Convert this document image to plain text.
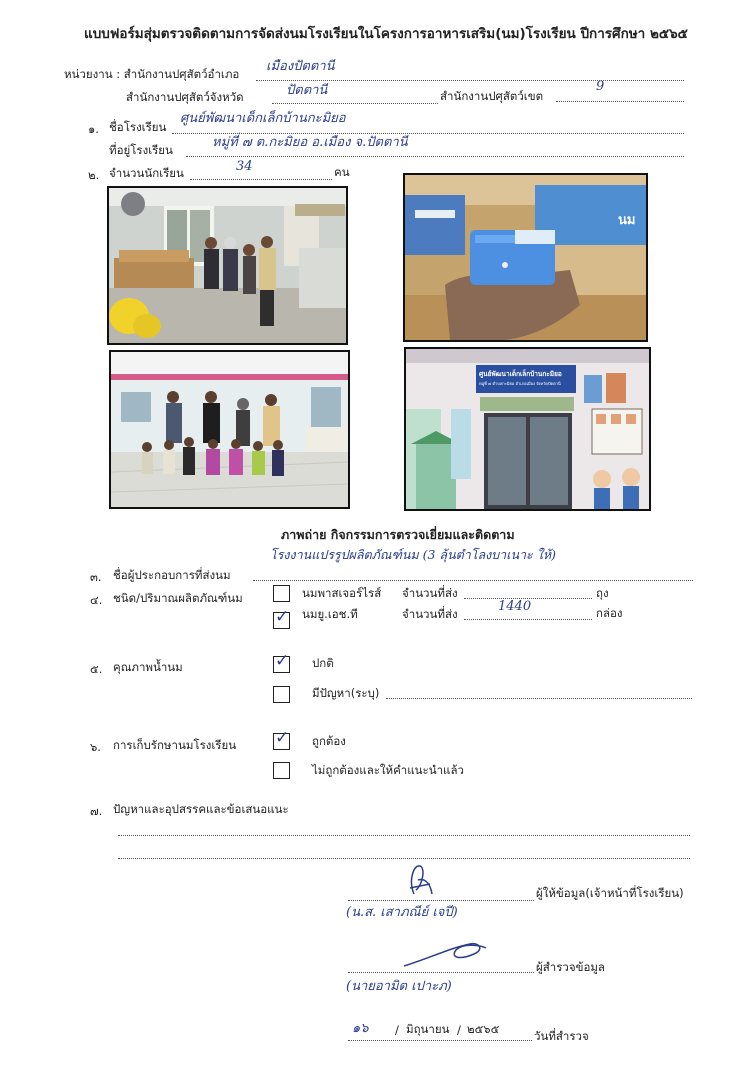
แบบฟอร์มสุ่มตรวจติดตามการจัดส่งนมโรงเรียนในโครงการอาหารเสริม(นม)โรงเรียน ปีการศึกษา ๒๕๖๕
หน่วยงาน : สำนักงานปศุสัตว์อำเภอ เมืองปัตตานี
สำนักงานปศุสัตว์จังหวัด	ปัตตานี	สำนักงานปศุสัตว์เขต
9
๑. ชื่อโรงเรียน
ศูนย์พัฒนาเด็กเล็กบ้านกะมิยอ
ที่อยู่โรงเรียน	หมู่ที่ ๗ ต.กะมิยอ อ.เมือง จ.ปัตตานี
๒. จำนวนนักเรียน	34	คน
นม
ศูนย์พัฒนาเด็กเล็กบ้านกะมิยอ
หมู่ที่ ๗ ตำบลกะมิยอ อำเภอเมือง จังหวัดปัตตานี
ภาพถ่าย กิจกรรมการตรวจเยี่ยมและติดตาม
๓. ชื่อผู้ประกอบการที่ส่งนม
โรงงานแปรรูปผลิตภัณฑ์นม (3 ลุ้นตำโลงบาเนาะ ให้)
๔. ชนิด/ปริมาณผลิตภัณฑ์นม	นมพาสเจอร์ไรส์ จำนวนที่ส่ง	ถุง
✓ นมยู.เอช.ที	จำนวนที่ส่ง	1440	กล่อง
๕. คุณภาพน้ำนม	✓ ปกติ
มีปัญหา(ระบุ)
๖. การเก็บรักษานมโรงเรียน ✓ ถูกต้อง
ไม่ถูกต้องและให้คำแนะนำแล้ว
๗. ปัญหาและอุปสรรคและข้อเสนอแนะ
ผู้ให้ข้อมูล(เจ้าหน้าที่โรงเรียน)
(น.ส. เสาภณีย์ เจปี)
ผู้สำรวจข้อมูล
(นายอามิต เปาะภ)
๑๖ / มิถุนายน / ๒๕๖๕	วันที่สำรวจ
